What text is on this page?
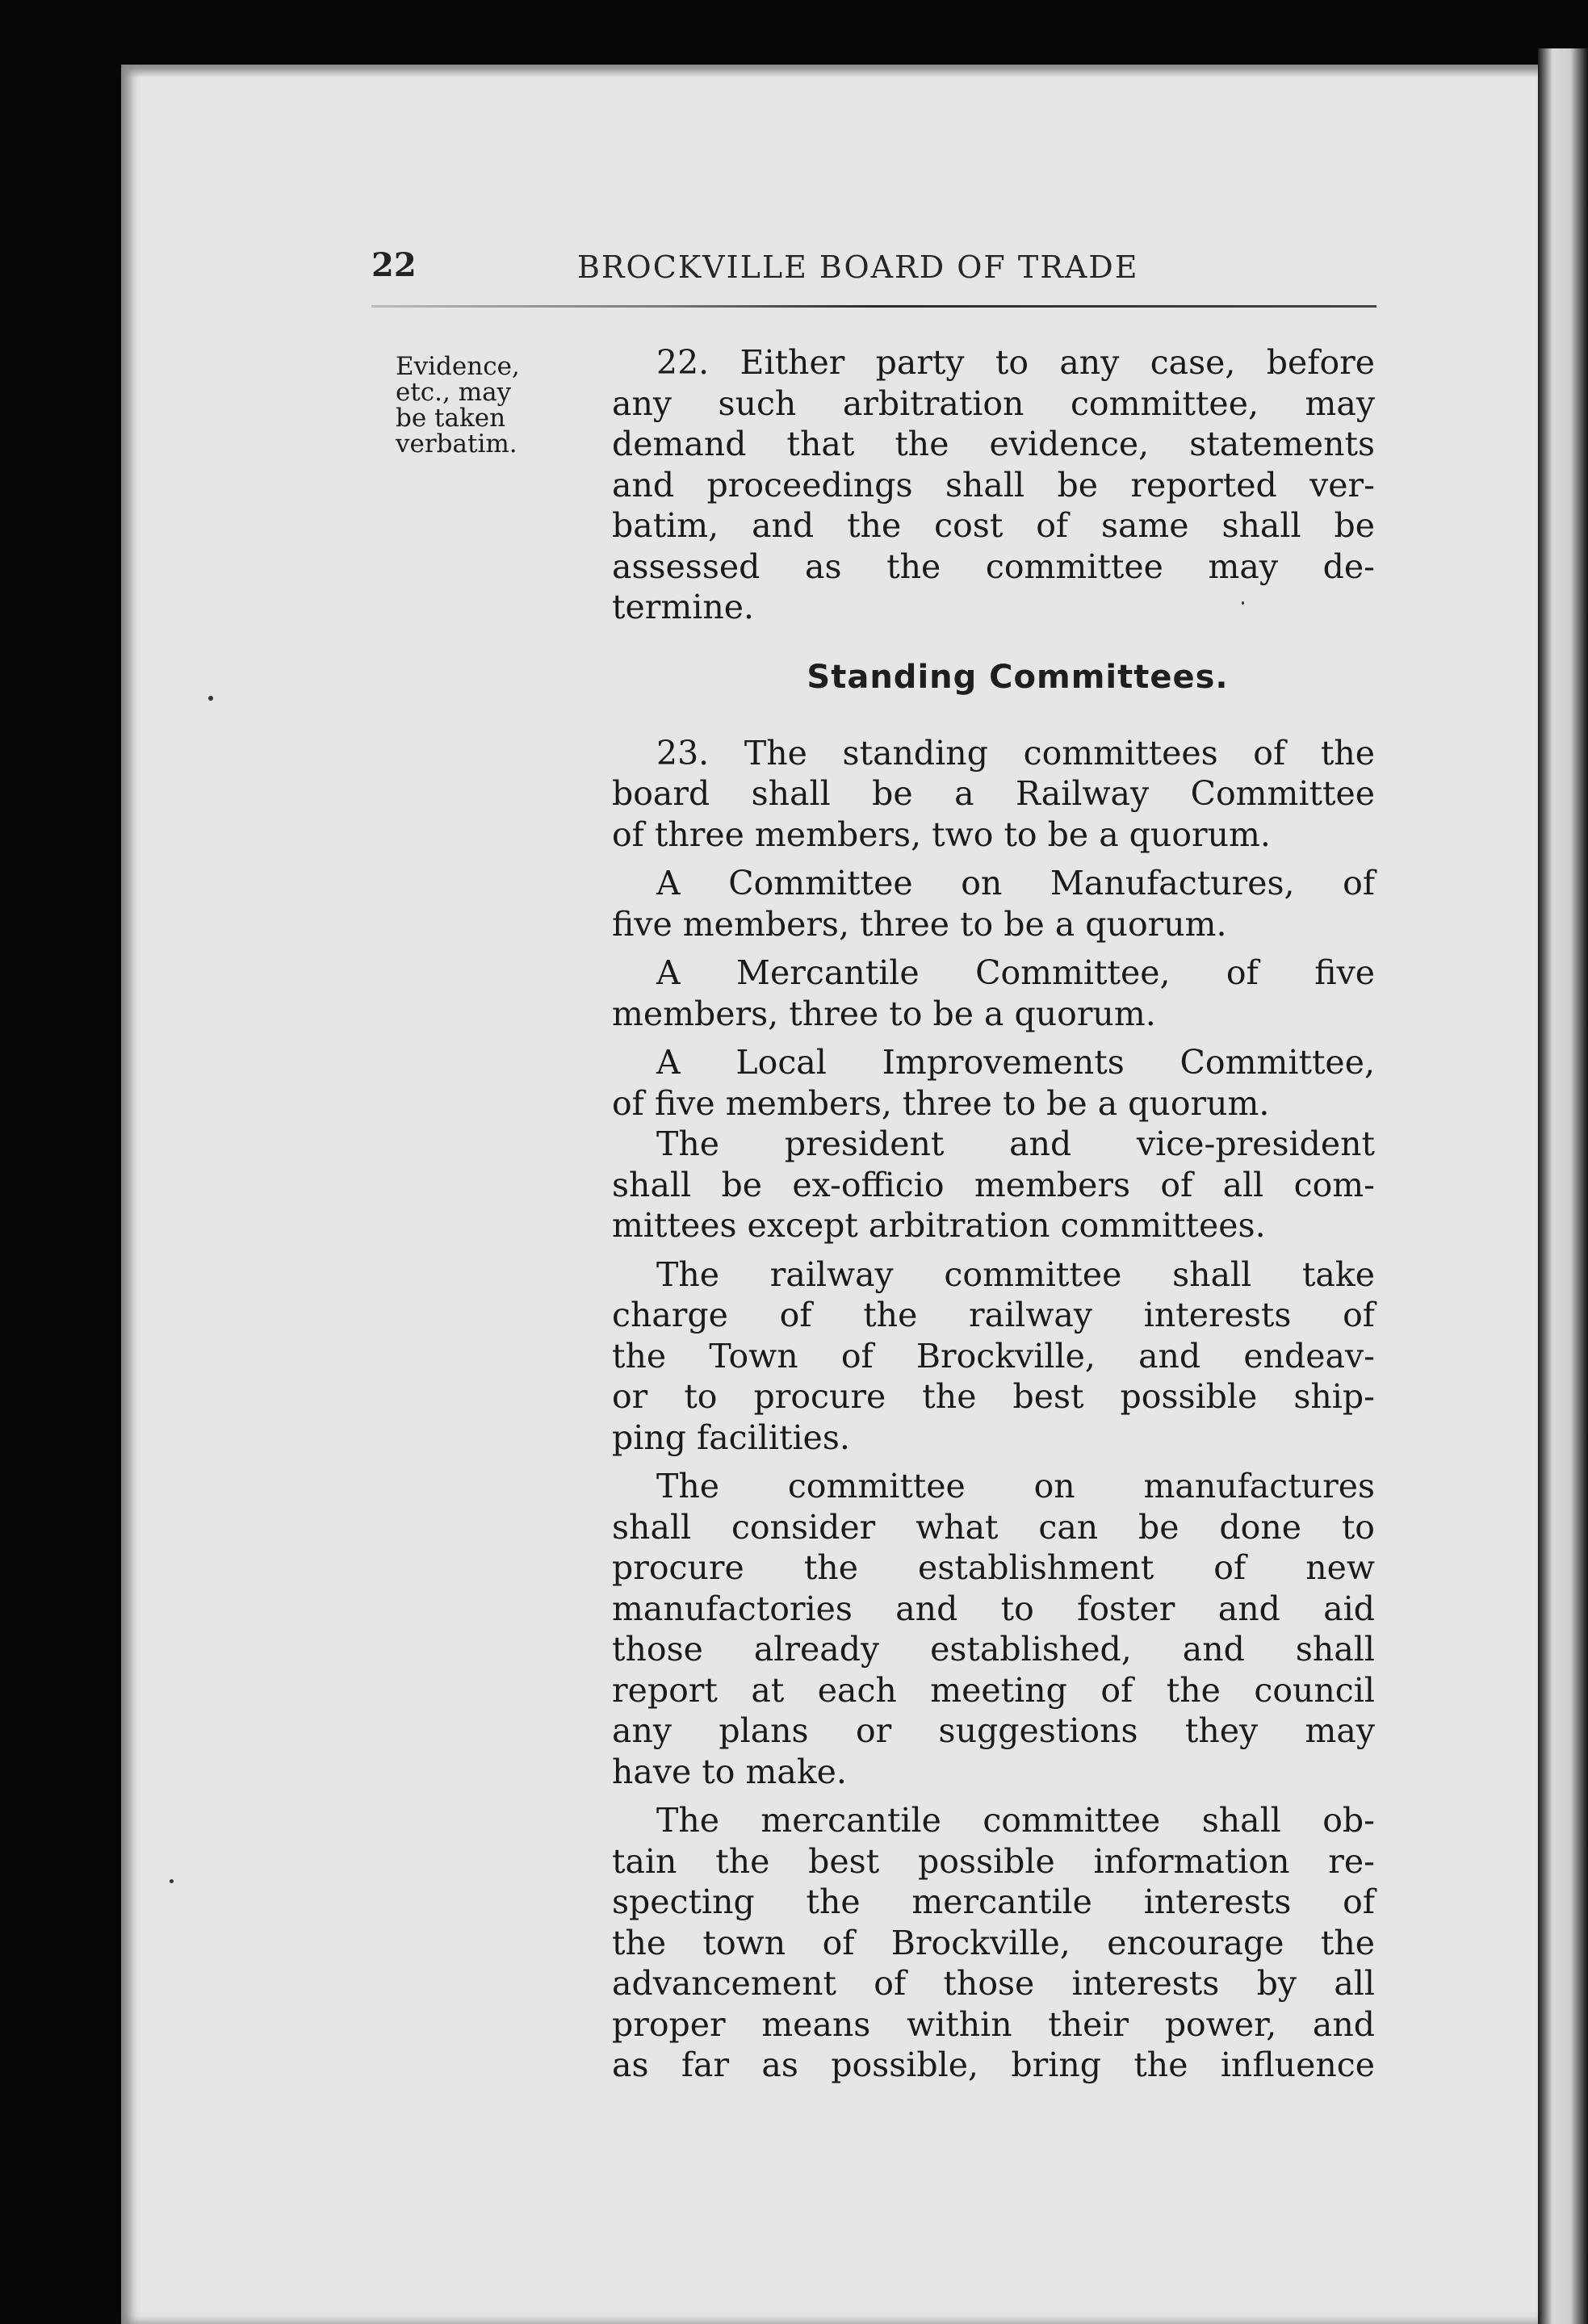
22	BROCKVILLE BOARD OF TRADE
Evidence,
etc., may
be taken
verbatim.
22. Either party to any case, before
any such arbitration committee, may
demand that the evidence, statements
and proceedings shall be reported ver-
batim, and the cost of same shall be
assessed as the committee may de-
termine.
Standing Committees.
23. The standing committees of the
board shall be a Railway Committee
of three members, two to be a quorum.
A Committee on Manufactures, of
five members, three to be a quorum.
A Mercantile Committee, of five
members, three to be a quorum.
A Local Improvements Committee,
of five members, three to be a quorum.
The president and vice-president
shall be ex-officio members of all com-
mittees except arbitration committees.
The railway committee shall take
charge of the railway interests of
the Town of Brockville, and endeav-
or to procure the best possible ship-
ping facilities.
The committee on manufactures
shall consider what can be done to
procure the establishment of new
manufactories and to foster and aid
those already established, and shall
report at each meeting of the council
any plans or suggestions they may
have to make.
The mercantile committee shall ob-
tain the best possible information re-
specting the mercantile interests of
the town of Brockville, encourage the
advancement of those interests by all
proper means within their power, and
as far as possible, bring the influence
